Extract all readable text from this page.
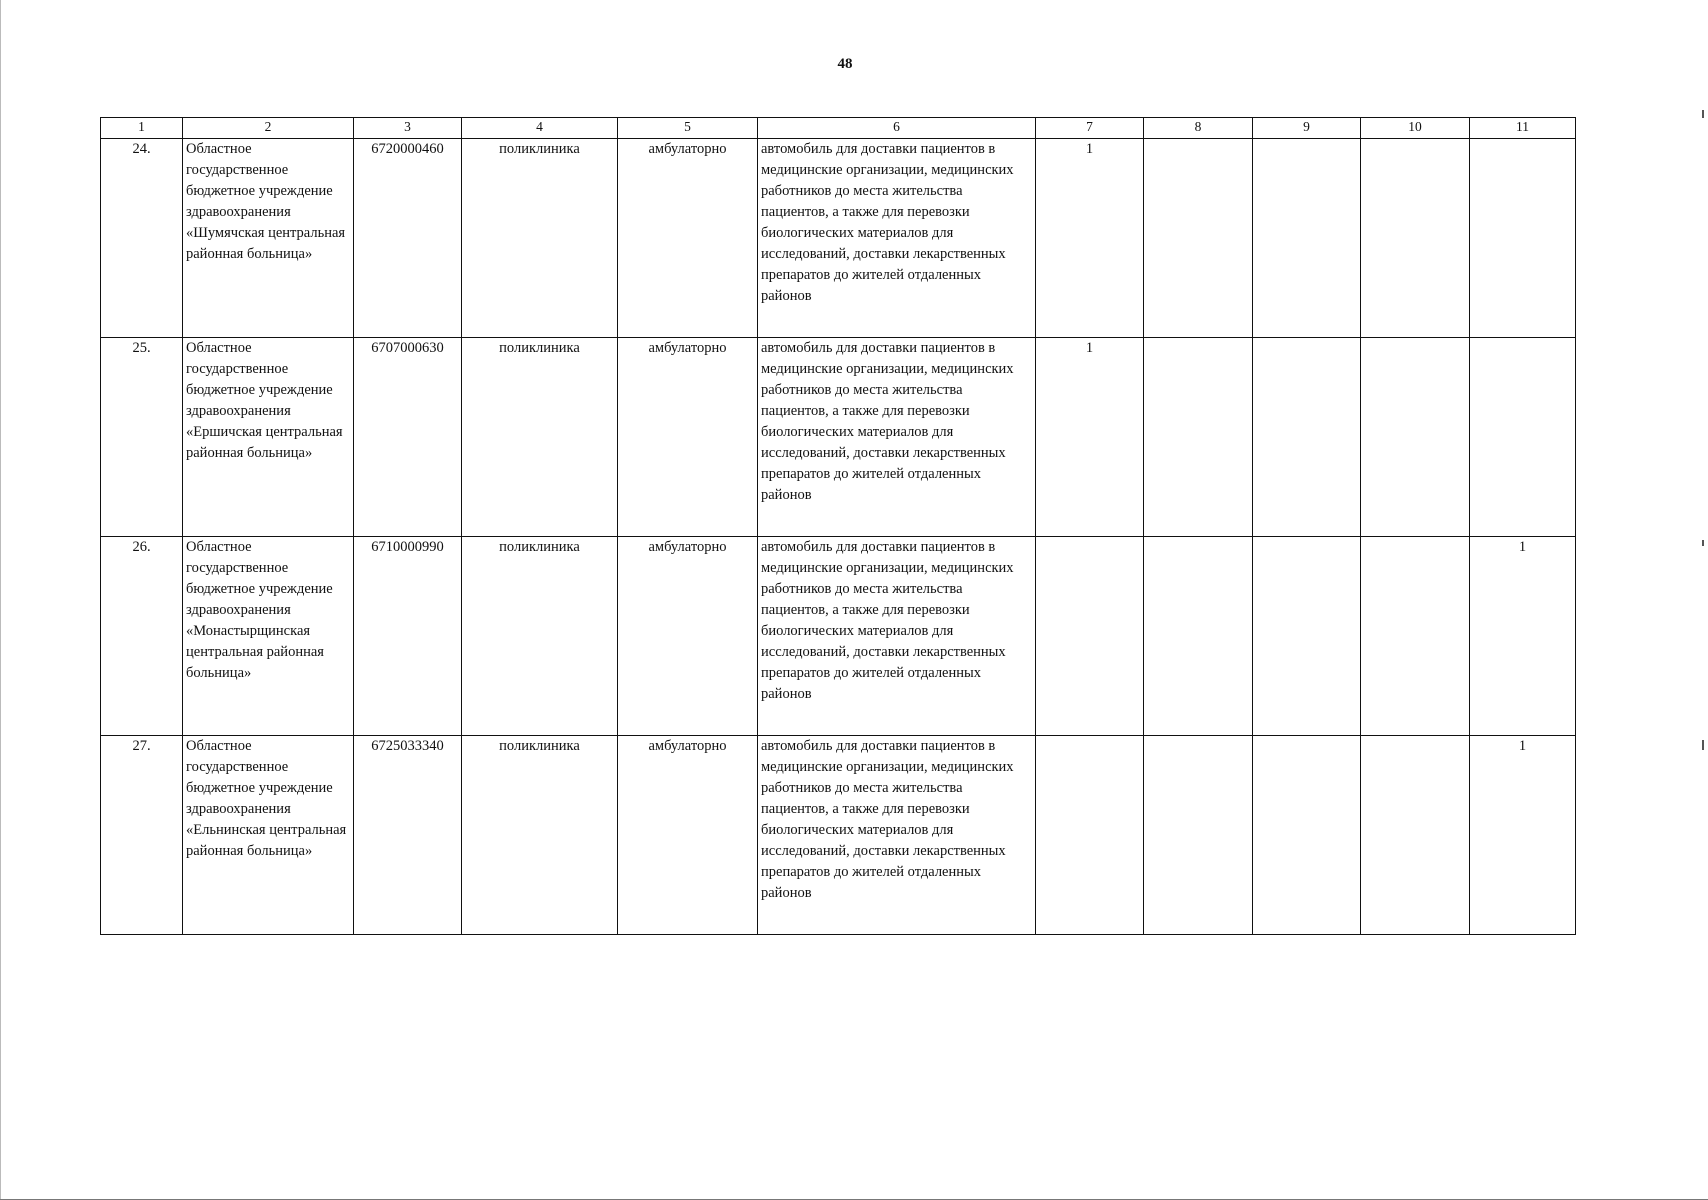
48
1	2	3	4	5	6	7	8	9	10	11
24.	Областное государственное бюджетное учреждение здравоохранения «Шумячская центральная районная больница»	6720000460	поликлиника	амбулаторно	автомобиль для доставки пациентов в медицинские организации, медицинских работников до места жительства пациентов, а также для перевозки биологических материалов для исследований, доставки лекарственных препаратов до жителей отдаленных районов	1				
25.	Областное государственное бюджетное учреждение здравоохранения «Ершичская центральная районная больница»	6707000630	поликлиника	амбулаторно	автомобиль для доставки пациентов в медицинские организации, медицинских работников до места жительства пациентов, а также для перевозки биологических материалов для исследований, доставки лекарственных препаратов до жителей отдаленных районов	1				
26.	Областное государственное бюджетное учреждение здравоохранения «Монастырщинская центральная районная больница»	6710000990	поликлиника	амбулаторно	автомобиль для доставки пациентов в медицинские организации, медицинских работников до места жительства пациентов, а также для перевозки биологических материалов для исследований, доставки лекарственных препаратов до жителей отдаленных районов					1
27.	Областное государственное бюджетное учреждение здравоохранения «Ельнинская центральная районная больница»	6725033340	поликлиника	амбулаторно	автомобиль для доставки пациентов в медицинские организации, медицинских работников до места жительства пациентов, а также для перевозки биологических материалов для исследований, доставки лекарственных препаратов до жителей отдаленных районов					1
